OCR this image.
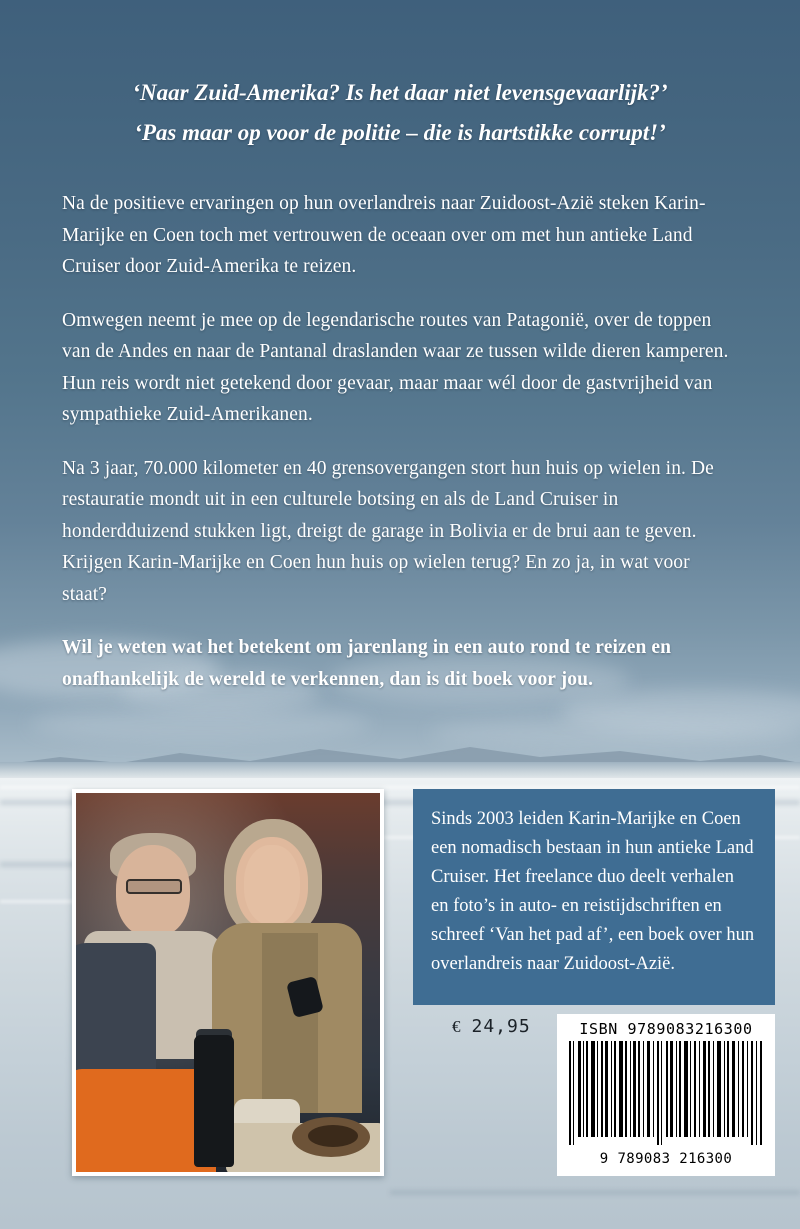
‘Naar Zuid-Amerika? Is het daar niet levensgevaarlijk?’
‘Pas maar op voor de politie – die is hartstikke corrupt!’

Na de positieve ervaringen op hun overlandreis naar Zuidoost-Azië steken Karin-Marijke en Coen toch met vertrouwen de oceaan over om met hun antieke Land Cruiser door Zuid-Amerika te reizen.

Omwegen neemt je mee op de legendarische routes van Patagonië, over de toppen van de Andes en naar de Pantanal draslanden waar ze tussen wilde dieren kamperen. Hun reis wordt niet getekend door gevaar, maar maar wél door de gastvrijheid van sympathieke Zuid-Amerikanen.

Na 3 jaar, 70.000 kilometer en 40 grensovergangen stort hun huis op wielen in. De restauratie mondt uit in een culturele botsing en als de Land Cruiser in honderdduizend stukken ligt, dreigt de garage in Bolivia er de brui aan te geven. Krijgen Karin-Marijke en Coen hun huis op wielen terug? En zo ja, in wat voor staat?

Wil je weten wat het betekent om jarenlang in een auto rond te reizen en onafhankelijk de wereld te verkennen, dan is dit boek voor jou.

Sinds 2003 leiden Karin-Marijke en Coen een nomadisch bestaan in hun antieke Land Cruiser. Het freelance duo deelt verhalen en foto’s in auto- en reistijdschriften en schreef ‘Van het pad af’, een boek over hun overlandreis naar Zuidoost-Azië.

€ 24,95	ISBN 9789083216300
9 789083 216300
